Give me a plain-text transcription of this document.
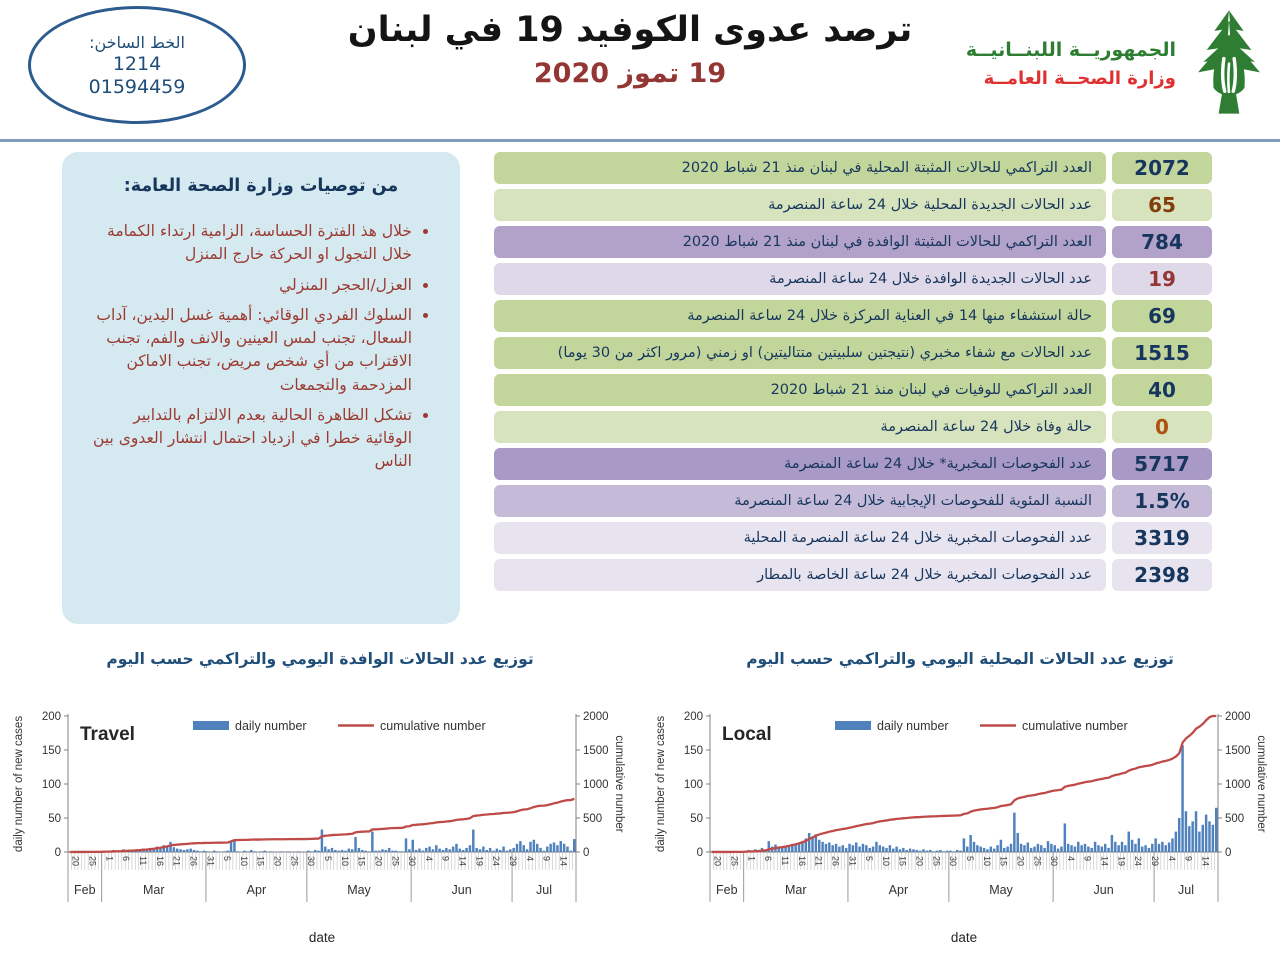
الخط الساخن:
1214
01594459
ترصد عدوى الكوفيد 19 في لبنان
19 تموز 2020
الجمهوريــة اللبنــانيــة
وزارة الصحــة العامــة
من توصيات وزارة الصحة العامة:
• خلال هذ الفترة الحساسة، الزامية ارتداء الكمامة خلال التجول او الحركة خارج المنزل
• العزل/الحجر المنزلي
• السلوك الفردي الوقائي: أهمية غسل اليدين، آداب السعال، تجنب لمس العينين والانف والفم، تجنب الاقتراب من أي شخص مريض، تجنب الاماكن المزدحمة والتجمعات
• تشكل الظاهرة الحالية بعدم الالتزام بالتدابير الوقائية خطرا في ازدياد احتمال انتشار العدوى بين الناس
2072
العدد التراكمي للحالات المثبتة المحلية في لبنان منذ 21 شباط 2020
65
عدد الحالات الجديدة المحلية خلال 24 ساعة المنصرمة
784
العدد التراكمي للحالات المثبتة الوافدة في لبنان منذ 21 شباط 2020
19
عدد الحالات الجديدة الوافدة خلال 24 ساعة المنصرمة
69
حالة استشفاء منها 14 في العناية المركزة خلال 24 ساعة المنصرمة
1515
عدد الحالات مع شفاء مخبري (نتيجتين سلبيتين متتاليتين) او زمني (مرور اكثر من 30 يوما)
40
العدد التراكمي للوفيات في لبنان منذ 21 شباط 2020
0
حالة وفاة خلال 24 ساعة المنصرمة
5717
عدد الفحوصات المخبرية* خلال 24 ساعة المنصرمة
1.5%
النسبة المئوية للفحوصات الإيجابية خلال 24 ساعة المنصرمة
3319
عدد الفحوصات المخبرية خلال 24 ساعة المنصرمة المحلية
2398
عدد الفحوصات المخبرية خلال 24 ساعة الخاصة بالمطار
توزيع عدد الحالات الوافدة اليومي والتراكمي حسب اليوم	توزيع عدد الحالات المحلية اليومي والتراكمي حسب اليوم
Feb	Mar	Apr	May	Jun	Jul
20 25 1 6 11 16 21 26 31 5 10 15 20 25 30 5 10 15 20 25 30 4 9 14 19 24 29 4 9 14
0
50
100
150
200
0
500
1000
1500
2000
daily number of new cases	cumulative number
date
Travel	daily number	cumulative number
Feb	Mar	Apr	May	Jun	Jul
20 25 1 6 11 16 21 26 31 5 10 15 20 25 30 5 10 15 20 25 30 4 9 14 19 24 29 4 9 14
0
50
100
150
200
0
500
1000
1500
2000
daily number of new cases	cumulative number
date
Local	daily number	cumulative number
